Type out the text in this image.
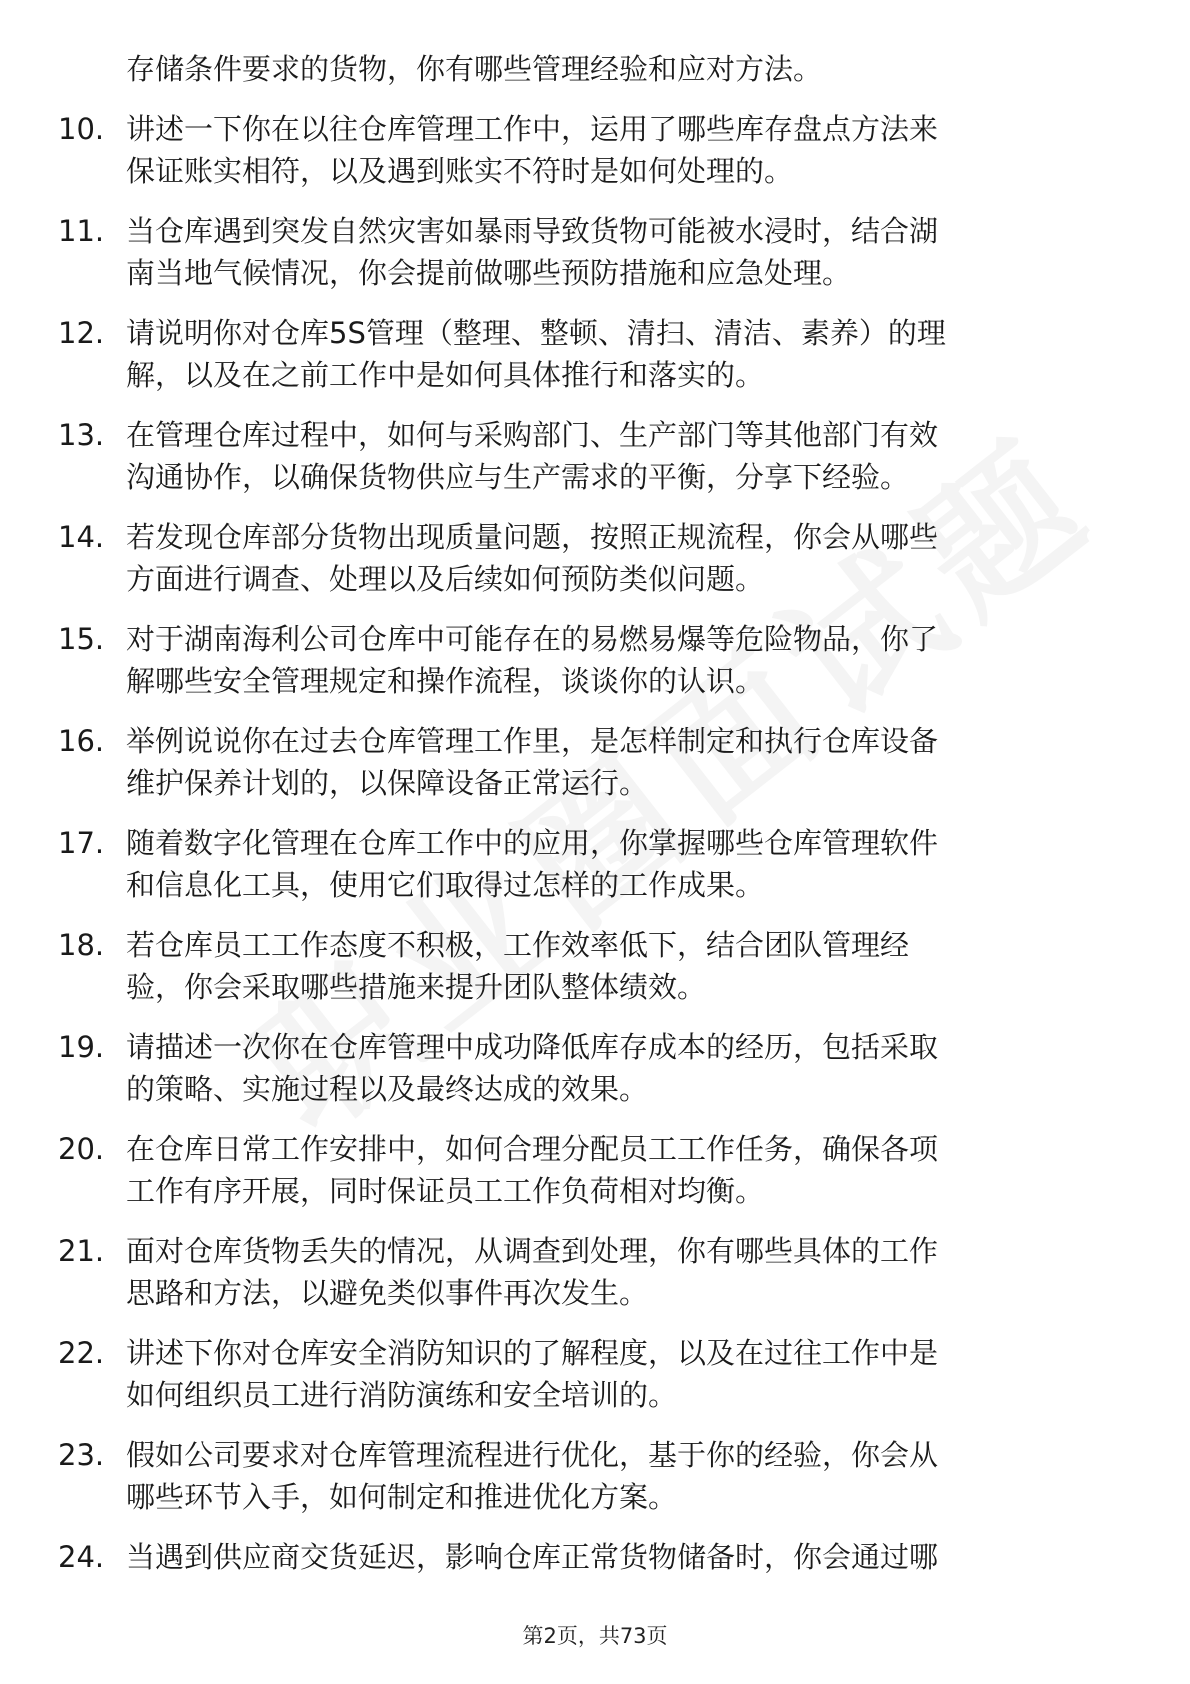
存储条件要求的货物，你有哪些管理经验和应对方法。
10. 讲述一下你在以往仓库管理工作中，运用了哪些库存盘点方法来
保证账实相符，以及遇到账实不符时是如何处理的。
11. 当仓库遇到突发自然灾害如暴雨导致货物可能被水浸时，结合湖
南当地气候情况，你会提前做哪些预防措施和应急处理。
12. 请说明你对仓库5S管理（整理、整顿、清扫、清洁、素养）的理
解，以及在之前工作中是如何具体推行和落实的。
13. 在管理仓库过程中，如何与采购部门、生产部门等其他部门有效
沟通协作，以确保货物供应与生产需求的平衡，分享下经验。
14. 若发现仓库部分货物出现质量问题，按照正规流程，你会从哪些
方面进行调查、处理以及后续如何预防类似问题。
15. 对于湖南海利公司仓库中可能存在的易燃易爆等危险物品，你了
解哪些安全管理规定和操作流程，谈谈你的认识。
16. 举例说说你在过去仓库管理工作里，是怎样制定和执行仓库设备
维护保养计划的，以保障设备正常运行。
17. 随着数字化管理在仓库工作中的应用，你掌握哪些仓库管理软件
和信息化工具，使用它们取得过怎样的工作成果。
18. 若仓库员工工作态度不积极，工作效率低下，结合团队管理经
验，你会采取哪些措施来提升团队整体绩效。
19. 请描述一次你在仓库管理中成功降低库存成本的经历，包括采取
的策略、实施过程以及最终达成的效果。
20. 在仓库日常工作安排中，如何合理分配员工工作任务，确保各项
工作有序开展，同时保证员工工作负荷相对均衡。
21. 面对仓库货物丢失的情况，从调查到处理，你有哪些具体的工作
思路和方法，以避免类似事件再次发生。
22. 讲述下你对仓库安全消防知识的了解程度，以及在过往工作中是
如何组织员工进行消防演练和安全培训的。
23. 假如公司要求对仓库管理流程进行优化，基于你的经验，你会从
哪些环节入手，如何制定和推进优化方案。
24. 当遇到供应商交货延迟，影响仓库正常货物储备时，你会通过哪
第2页，共73页
